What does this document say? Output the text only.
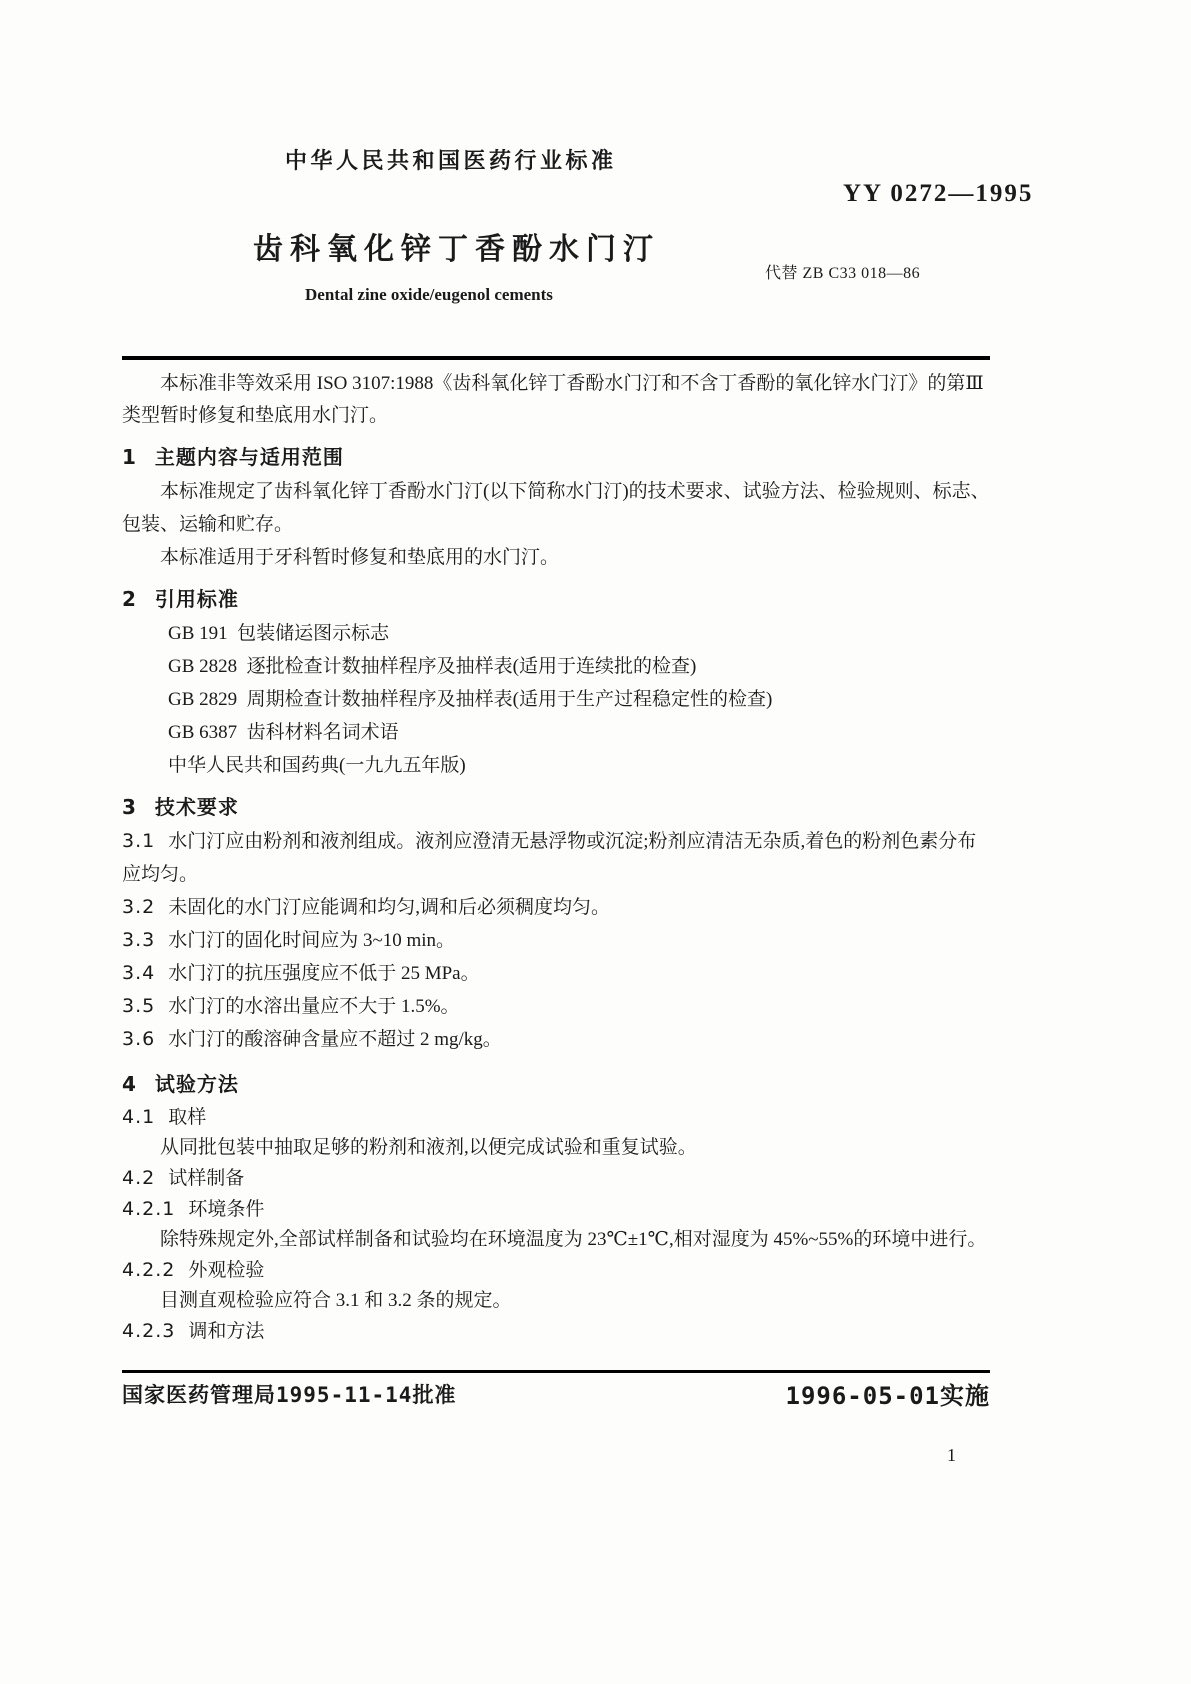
中华人民共和国医药行业标准
YY 0272—1995
齿科氧化锌丁香酚水门汀
代替 ZB C33 018—86
Dental zine oxide/eugenol cements

本标准非等效采用 ISO 3107:1988《齿科氧化锌丁香酚水门汀和不含丁香酚的氧化锌水门汀》的第Ⅲ类型暂时修复和垫底用水门汀。

1 主题内容与适用范围

本标准规定了齿科氧化锌丁香酚水门汀(以下简称水门汀)的技术要求、试验方法、检验规则、标志、包装、运输和贮存。

本标准适用于牙科暂时修复和垫底用的水门汀。

2 引用标准

GB 191  包装储运图示标志

GB 2828  逐批检查计数抽样程序及抽样表(适用于连续批的检查)

GB 2829  周期检查计数抽样程序及抽样表(适用于生产过程稳定性的检查)

GB 6387  齿科材料名词术语

中华人民共和国药典(一九九五年版)

3 技术要求

3.1 水门汀应由粉剂和液剂组成。液剂应澄清无悬浮物或沉淀;粉剂应清洁无杂质,着色的粉剂色素分布应均匀。

3.2 未固化的水门汀应能调和均匀,调和后必须稠度均匀。

3.3 水门汀的固化时间应为 3~10 min。

3.4 水门汀的抗压强度应不低于 25 MPa。

3.5 水门汀的水溶出量应不大于 1.5%。

3.6 水门汀的酸溶砷含量应不超过 2 mg/kg。

4 试验方法

4.1 取样

从同批包装中抽取足够的粉剂和液剂,以便完成试验和重复试验。

4.2 试样制备

4.2.1 环境条件

除特殊规定外,全部试样制备和试验均在环境温度为 23℃±1℃,相对湿度为 45%~55%的环境中进行。

4.2.2 外观检验

目测直观检验应符合 3.1 和 3.2 条的规定。

4.2.3 调和方法

国家医药管理局1995-11-14批准	1996-05-01实施
1
